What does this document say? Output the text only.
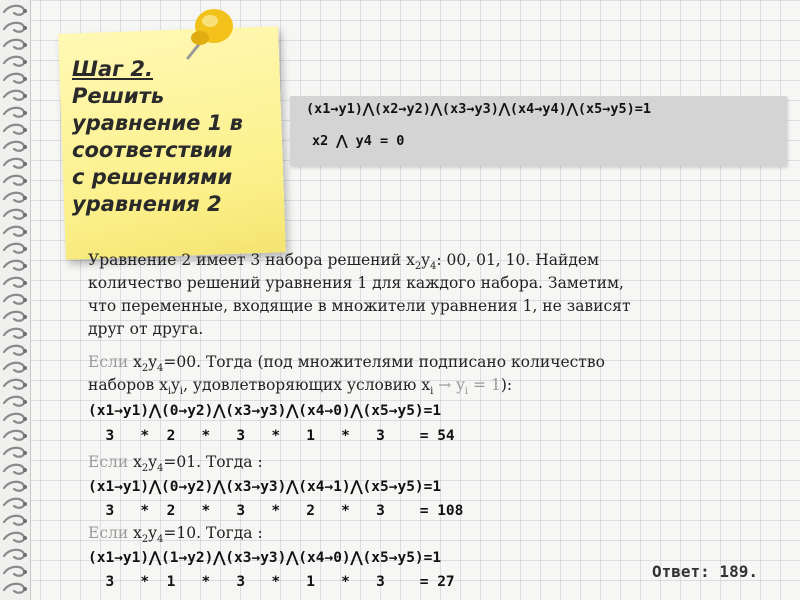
Шаг 2.
Решить
уравнение 1 в
соответствии
с решениями
уравнения 2
(x1→y1)⋀(x2→y2)⋀(x3→y3)⋀(x4→y4)⋀(x5→y5)=1
x2 ⋀ y4 = 0
Уравнение 2 имеет 3 набора решений $x_2y_4$: 00, 01, 10. Найдем
количество решений уравнения 1 для каждого набора. Заметим,
что переменные, входящие в множители уравнения 1, не зависят
друг от друга.
Если $x_2y_4=00$. Тогда (под множителями подписано количество
наборов $x_iy_i$, удовлетворяющих условию $x_i \to y_i = 1$):
(x1→y1)⋀(0→y2)⋀(x3→y3)⋀(x4→0)⋀(x5→y5)=1
3   *  2   *   3   *   1   *   3    = 54
Если $x_2y_4=01$. Тогда :
(x1→y1)⋀(0→y2)⋀(x3→y3)⋀(x4→1)⋀(x5→y5)=1
3   *  2   *   3   *   2   *   3    = 108
Если $x_2y_4=10$. Тогда :
(x1→y1)⋀(1→y2)⋀(x3→y3)⋀(x4→0)⋀(x5→y5)=1
3   *  1   *   3   *   1   *   3    = 27
Ответ: 189.
